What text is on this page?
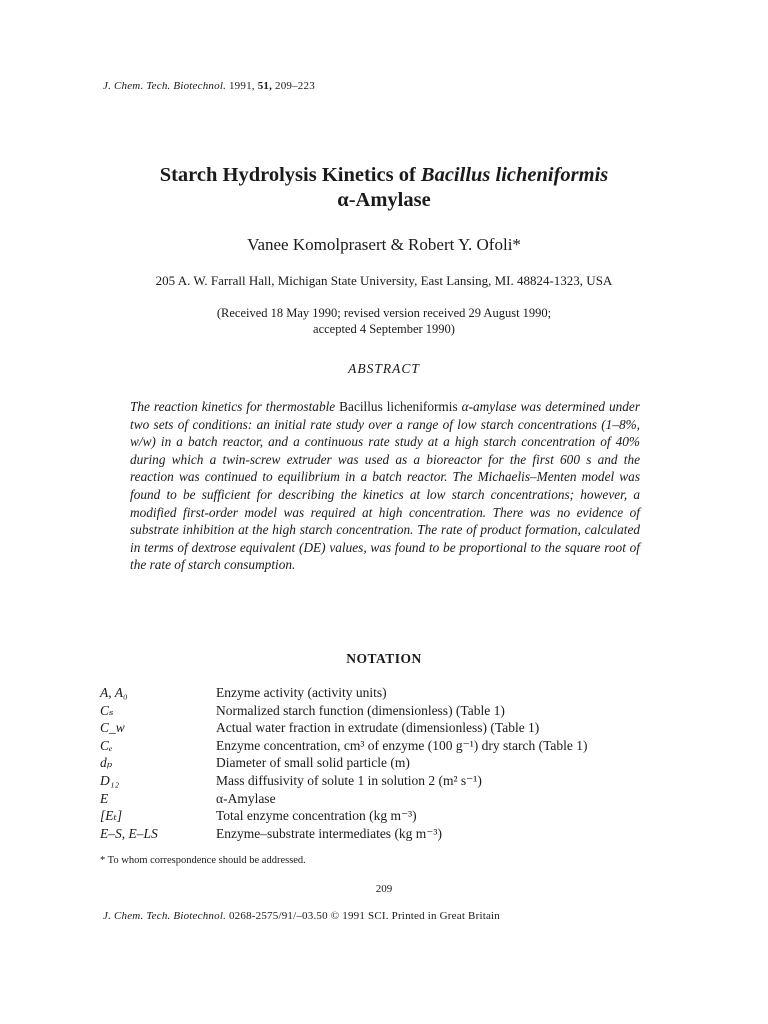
J. Chem. Tech. Biotechnol. 1991, 51, 209–223
Starch Hydrolysis Kinetics of Bacillus licheniformis
α-Amylase
Vanee Komolprasert & Robert Y. Ofoli*
205 A. W. Farrall Hall, Michigan State University, East Lansing, MI. 48824-1323, USA
(Received 18 May 1990; revised version received 29 August 1990;
accepted 4 September 1990)
ABSTRACT
The reaction kinetics for thermostable Bacillus licheniformis α-amylase was determined under two sets of conditions: an initial rate study over a range of low starch concentrations (1–8%, w/w) in a batch reactor, and a continuous rate study at a high starch concentration of 40% during which a twin-screw extruder was used as a bioreactor for the first 600 s and the reaction was continued to equilibrium in a batch reactor. The Michaelis–Menten model was found to be sufficient for describing the kinetics at low starch concentrations; however, a modified first-order model was required at high concentration. There was no evidence of substrate inhibition at the high starch concentration. The rate of product formation, calculated in terms of dextrose equivalent (DE) values, was found to be proportional to the square root of the rate of starch consumption.
NOTATION
A, A₀	Enzyme activity (activity units)
Cₛ	Normalized starch function (dimensionless) (Table 1)
C_w	Actual water fraction in extrudate (dimensionless) (Table 1)
Cₑ	Enzyme concentration, cm³ of enzyme (100 g⁻¹) dry starch (Table 1)
dₚ	Diameter of small solid particle (m)
D₁₂	Mass diffusivity of solute 1 in solution 2 (m² s⁻¹)
E	α-Amylase
[Eₜ]	Total enzyme concentration (kg m⁻³)
E–S, E–LS	Enzyme–substrate intermediates (kg m⁻³)
* To whom correspondence should be addressed.
209
J. Chem. Tech. Biotechnol. 0268-2575/91/–03.50 © 1991 SCI. Printed in Great Britain
